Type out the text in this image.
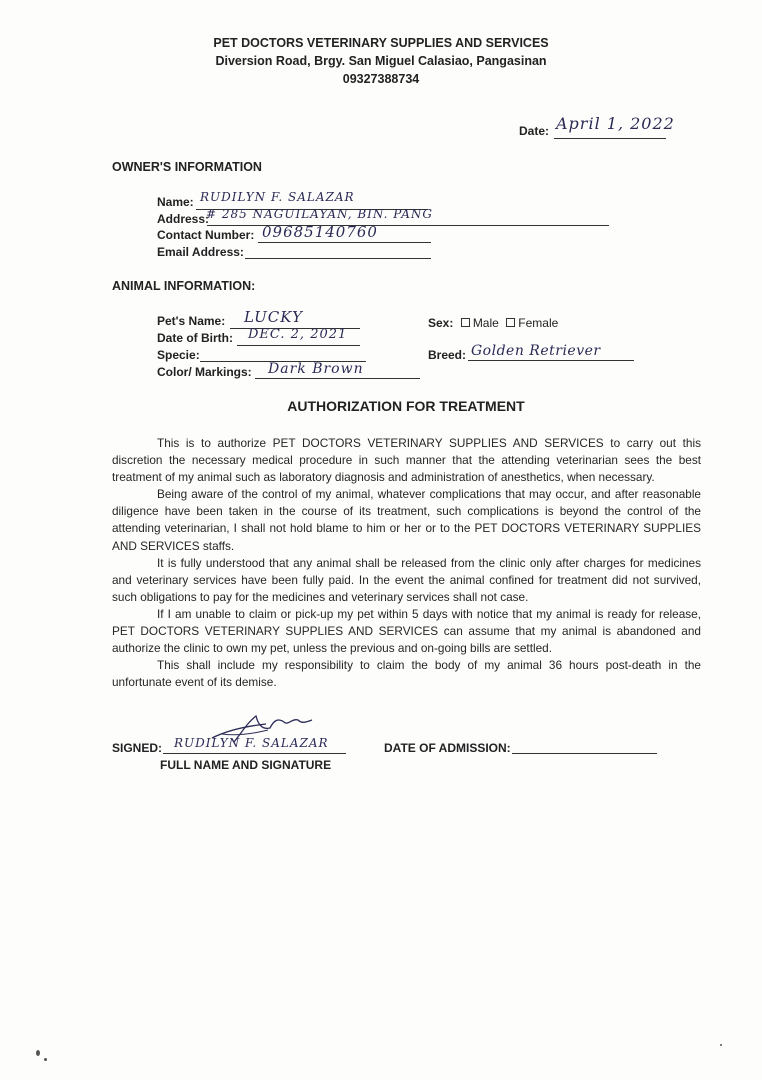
PET DOCTORS VETERINARY SUPPLIES AND SERVICES
Diversion Road, Brgy. San Miguel Calasiao, Pangasinan
09327388734
Date: April 1, 2022
OWNER'S INFORMATION
Name: RUDILYN F. SALAZAR
Address:
# 285 NAGUILAYAN, BIN. PANG
Contact Number: 09685140760
Email Address:
ANIMAL INFORMATION:
Pet's Name: LUCKY
Date of Birth: DEC. 2, 2021
Specie:
Color/ Markings: Dark Brown
Sex: Male Female
Breed: Golden Retriever
AUTHORIZATION FOR TREATMENT

This is to authorize PET DOCTORS VETERINARY SUPPLIES AND SERVICES to carry out this discretion the necessary medical procedure in such manner that the attending veterinarian sees the best treatment of my animal such as laboratory diagnosis and administration of anesthetics, when necessary.

Being aware of the control of my animal, whatever complications that may occur, and after reasonable diligence have been taken in the course of its treatment, such complications is beyond the control of the attending veterinarian, I shall not hold blame to him or her or to the PET DOCTORS VETERINARY SUPPLIES AND SERVICES staffs.

It is fully understood that any animal shall be released from the clinic only after charges for medicines and veterinary services have been fully paid. In the event the animal confined for treatment did not survived, such obligations to pay for the medicines and veterinary services shall not case.

If I am unable to claim or pick-up my pet within 5 days with notice that my animal is ready for release, PET DOCTORS VETERINARY SUPPLIES AND SERVICES can assume that my animal is abandoned and authorize the clinic to own my pet, unless the previous and on-going bills are settled.

This shall include my responsibility to claim the body of my animal 36 hours post-death in the unfortunate event of its demise.

SIGNED: RUDILYN F. SALAZAR
FULL NAME AND SIGNATURE
DATE OF ADMISSION:
